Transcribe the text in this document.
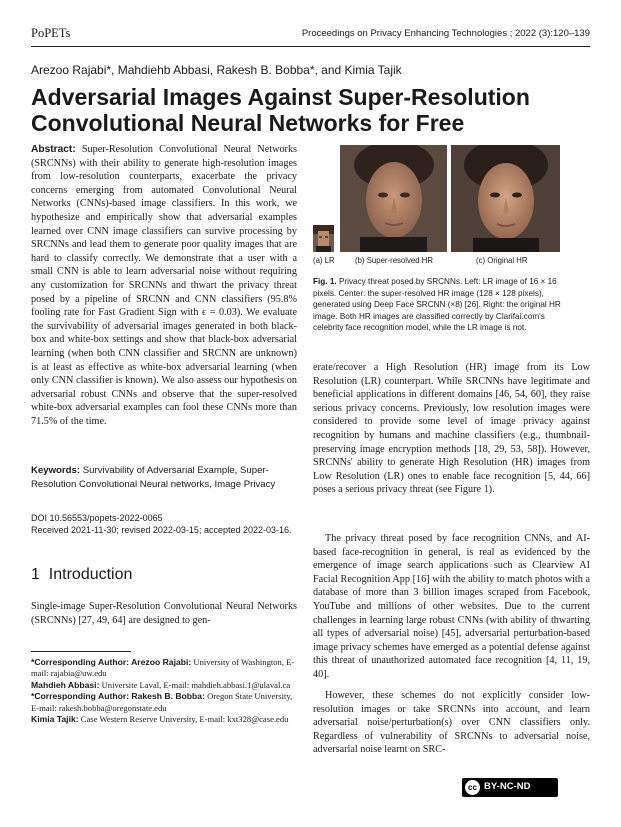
PoPETs	Proceedings on Privacy Enhancing Technologies ; 2022 (3):120–139
Arezoo Rajabi*, Mahdiehb Abbasi, Rakesh B. Bobba*, and Kimia Tajik
Adversarial Images Against Super-Resolution Convolutional Neural Networks for Free

Abstract: Super-Resolution Convolutional Neural Networks (SRCNNs) with their ability to generate high-resolution images from low-resolution counterparts, exacerbate the privacy concerns emerging from automated Convolutional Neural Networks (CNNs)-based image classifiers. In this work, we hypothesize and empirically show that adversarial examples learned over CNN image classifiers can survive processing by SRCNNs and lead them to generate poor quality images that are hard to classify correctly. We demonstrate that a user with a small CNN is able to learn adversarial noise without requiring any customization for SRCNNs and thwart the privacy threat posed by a pipeline of SRCNN and CNN classifiers (95.8% fooling rate for Fast Gradient Sign with ϵ = 0.03). We evaluate the survivability of adversarial images generated in both black-box and white-box settings and show that black-box adversarial learning (when both CNN classifier and SRCNN are unknown) is at least as effective as white-box adversarial learning (when only CNN classifier is known). We also assess our hypothesis on adversarial robust CNNs and observe that the super-resolved white-box adversarial examples can fool these CNNs more than 71.5% of the time.

Keywords: Survivability of Adversarial Example, Super-Resolution Convolutional Neural networks, Image Privacy
DOI 10.56553/popets-2022-0065
Received 2021-11-30; revised 2022-03-15; accepted 2022-03-16.
1 Introduction

Single-image Super-Resolution Convolutional Neural Networks (SRCNNs) [27, 49, 64] are designed to gen-

*Corresponding Author: Arezoo Rajabi: University of Washington, E-mail: rajabia@uw.edu
Mahdieh Abbasi: Universite Laval, E-mail: mahdieh.abbasi.1@ulaval.ca
*Corresponding Author: Rakesh B. Bobba: Oregon State University, E-mail: rakesh.bobba@oregonstate.edu
Kimia Tajik: Case Western Reserve University, E-mail: kxt328@case.edu
(a) LR	(b) Super-resolved HR	(c) Original HR
Fig. 1. Privacy threat posed by SRCNNs. Left: LR image of 16 × 16 pixels. Center: the super-resolved HR image (128 × 128 pixels), generated using Deep Face SRCNN (×8) [26]. Right: the original HR image. Both HR images are classified correctly by Clarifai.com's celebrity face recognition model, while the LR image is not.

erate/recover a High Resolution (HR) image from its Low Resolution (LR) counterpart. While SRCNNs have legitimate and beneficial applications in different domains [46, 54, 60], they raise serious privacy concerns. Previously, low resolution images were considered to provide some level of image privacy against recognition by humans and machine classifiers (e.g., thumbnail-preserving image encryption methods [18, 29, 53, 58]). However, SRCNNs' ability to generate High Resolution (HR) images from Low Resolution (LR) ones to enable face recognition [5, 44, 66] poses a serious privacy threat (see Figure 1).

The privacy threat posed by face recognition CNNs, and AI-based face-recognition in general, is real as evidenced by the emergence of image search applications such as Clearview AI Facial Recognition App [16] with the ability to match photos with a database of more than 3 billion images scraped from Facebook, YouTube and millions of other websites. Due to the current challenges in learning large robust CNNs (with ability of thwarting all types of adversarial noise) [45], adversarial perturbation-based image privacy schemes have emerged as a potential defense against this threat of unauthorized automated face recognition [4, 11, 19, 40].

However, these schemes do not explicitly consider low-resolution images or take SRCNNs into account, and learn adversarial noise/perturbation(s) over CNN classifiers only. Regardless of vulnerability of SRCNNs to adversarial noise, adversarial noise learnt on SRC-

cc BY-NC-ND
